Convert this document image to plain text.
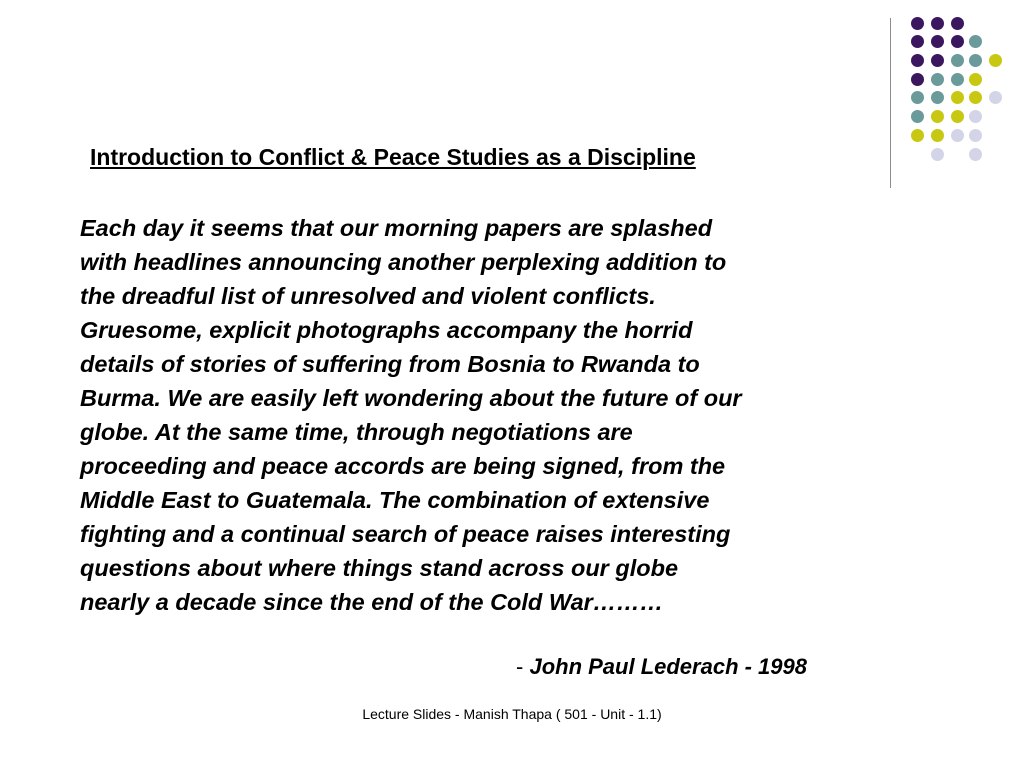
Introduction to Conflict & Peace Studies as a Discipline

Each day it seems that our morning papers are splashed
with headlines announcing another perplexing addition to
the dreadful list of unresolved and violent conflicts.
Gruesome, explicit photographs accompany the horrid
details of stories of suffering from Bosnia to Rwanda to
Burma. We are easily left wondering about the future of our
globe. At the same time, through negotiations are
proceeding and peace accords are being signed, from the
Middle East to Guatemala. The combination of extensive
fighting and a continual search of peace raises interesting
questions about where things stand across our globe
nearly a decade since the end of the Cold War………

- John Paul Lederach - 1998
Lecture Slides - Manish Thapa ( 501 - Unit - 1.1)
